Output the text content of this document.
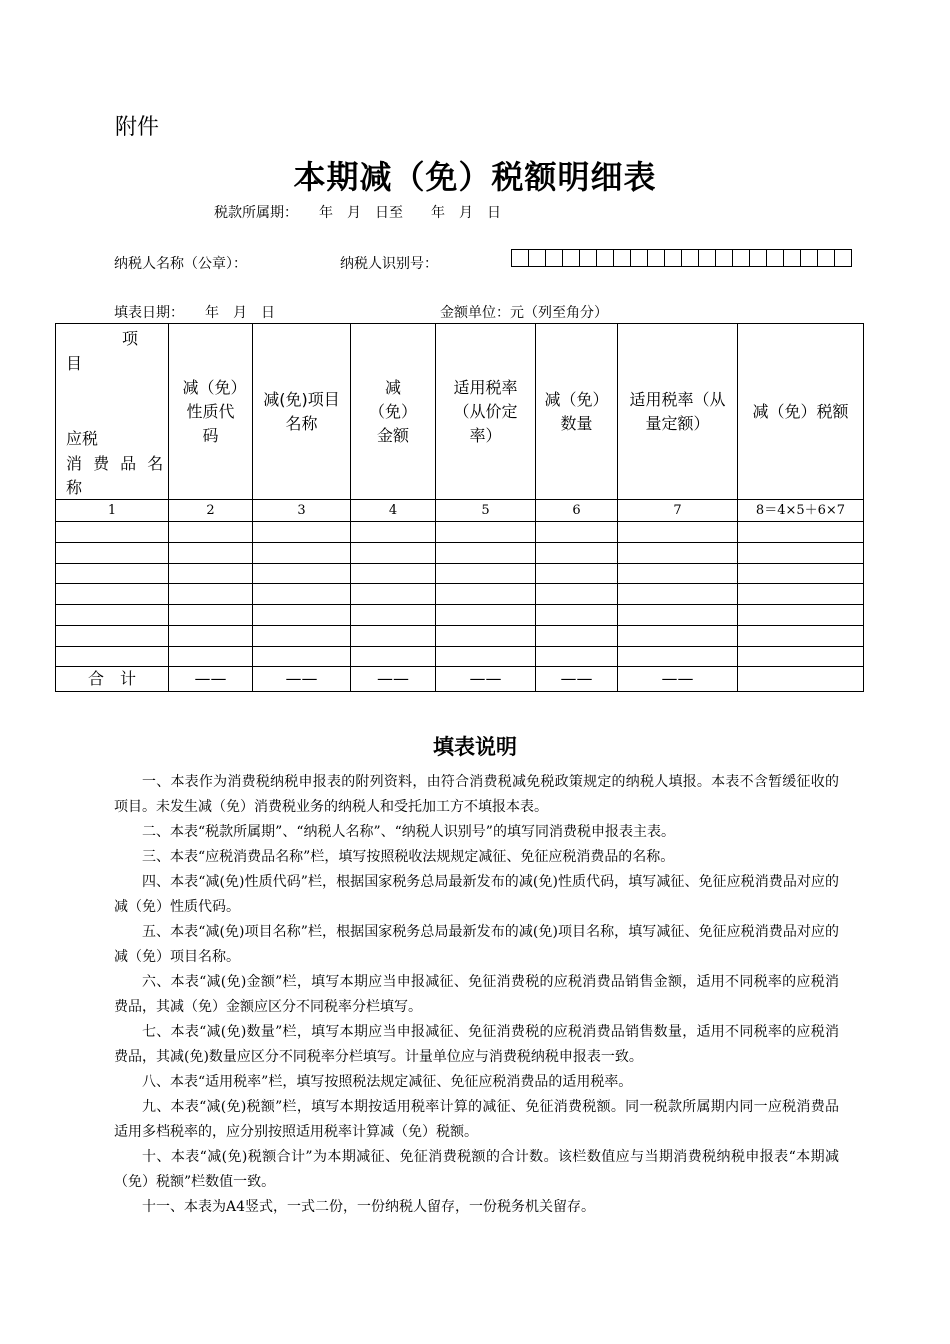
附件
本期减（免）税额明细表
税款所属期：　　年　月　日至　　年　月　日
纳税人名称（公章）：	纳税人识别号：
填表日期：　　年　月　日	金额单位：元（列至角分）
项
目
应税
消 费 品 名
称	减（免）性质代码	减(免)项目名称	减（免）金额	适用税率（从价定率）	减（免）数量	适用税率（从量定额）	减（免）税额
1	2	3	4	5	6	7	8＝4×5＋6×7

合　计	——	——	——	——	——	——	
填表说明

一、本表作为消费税纳税申报表的附列资料，由符合消费税减免税政策规定的纳税人填报。本表不含暂缓征收的项目。未发生减（免）消费税业务的纳税人和受托加工方不填报本表。

二、本表“税款所属期”、“纳税人名称”、“纳税人识别号”的填写同消费税申报表主表。

三、本表“应税消费品名称”栏，填写按照税收法规规定减征、免征应税消费品的名称。

四、本表“减(免)性质代码”栏，根据国家税务总局最新发布的减(免)性质代码，填写减征、免征应税消费品对应的减（免）性质代码。

五、本表“减(免)项目名称”栏，根据国家税务总局最新发布的减(免)项目名称，填写减征、免征应税消费品对应的减（免）项目名称。

六、本表“减(免)金额”栏，填写本期应当申报减征、免征消费税的应税消费品销售金额，适用不同税率的应税消费品，其减（免）金额应区分不同税率分栏填写。

七、本表“减(免)数量”栏，填写本期应当申报减征、免征消费税的应税消费品销售数量，适用不同税率的应税消费品，其减(免)数量应区分不同税率分栏填写。计量单位应与消费税纳税申报表一致。

八、本表“适用税率”栏，填写按照税法规定减征、免征应税消费品的适用税率。

九、本表“减(免)税额”栏，填写本期按适用税率计算的减征、免征消费税额。同一税款所属期内同一应税消费品适用多档税率的，应分别按照适用税率计算减（免）税额。

十、本表“减(免)税额合计”为本期减征、免征消费税额的合计数。该栏数值应与当期消费税纳税申报表“本期减（免）税额”栏数值一致。

十一、本表为A4竖式，一式二份，一份纳税人留存，一份税务机关留存。
